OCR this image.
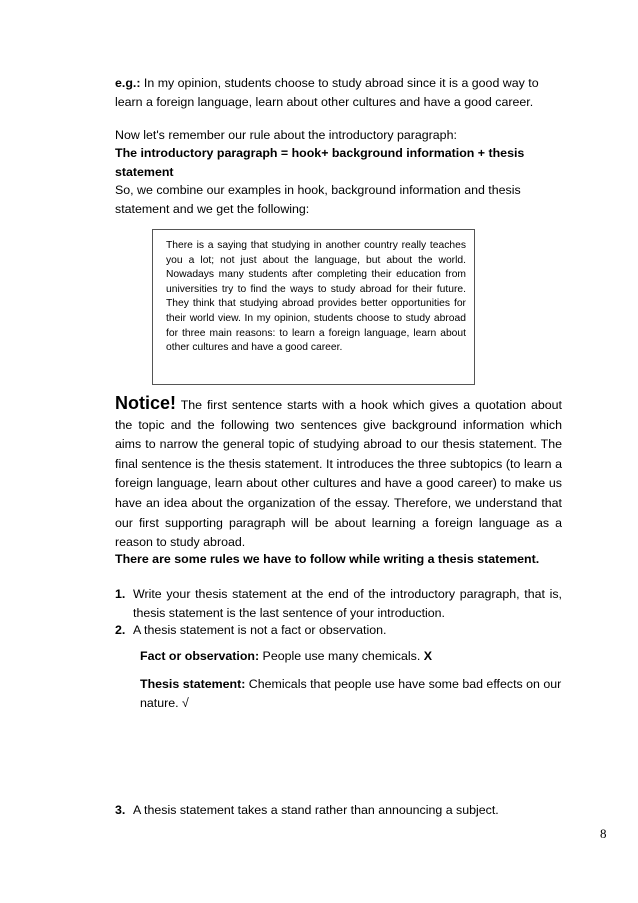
e.g.: In my opinion, students choose to study abroad since it is a good way to learn a foreign language, learn about other cultures and have a good career.

Now let's remember our rule about the introductory paragraph:

The introductory paragraph = hook+ background information + thesis statement

So, we combine our examples in hook, background information and thesis statement and we get the following:

There is a saying that studying in another country really teaches you a lot; not just about the language, but about the world. Nowadays many students after completing their education from universities try to find the ways to study abroad for their future. They think that studying abroad provides better opportunities for their world view. In my opinion, students choose to study abroad for three main reasons: to learn a foreign language, learn about other cultures and have a good career.

Notice! The first sentence starts with a hook which gives a quotation about the topic and the following two sentences give background information which aims to narrow the general topic of studying abroad to our thesis statement. The final sentence is the thesis statement. It introduces the three subtopics (to learn a foreign language, learn about other cultures and have a good career) to make us have an idea about the organization of the essay. Therefore, we understand that our first supporting paragraph will be about learning a foreign language as a reason to study abroad.

There are some rules we have to follow while writing a thesis statement.

1. Write your thesis statement at the end of the introductory paragraph, that is, thesis statement is the last sentence of your introduction.
2. A thesis statement is not a fact or observation.
Fact or observation: People use many chemicals. X
Thesis statement: Chemicals that people use have some bad effects on our nature. √
3. A thesis statement takes a stand rather than announcing a subject.
8
